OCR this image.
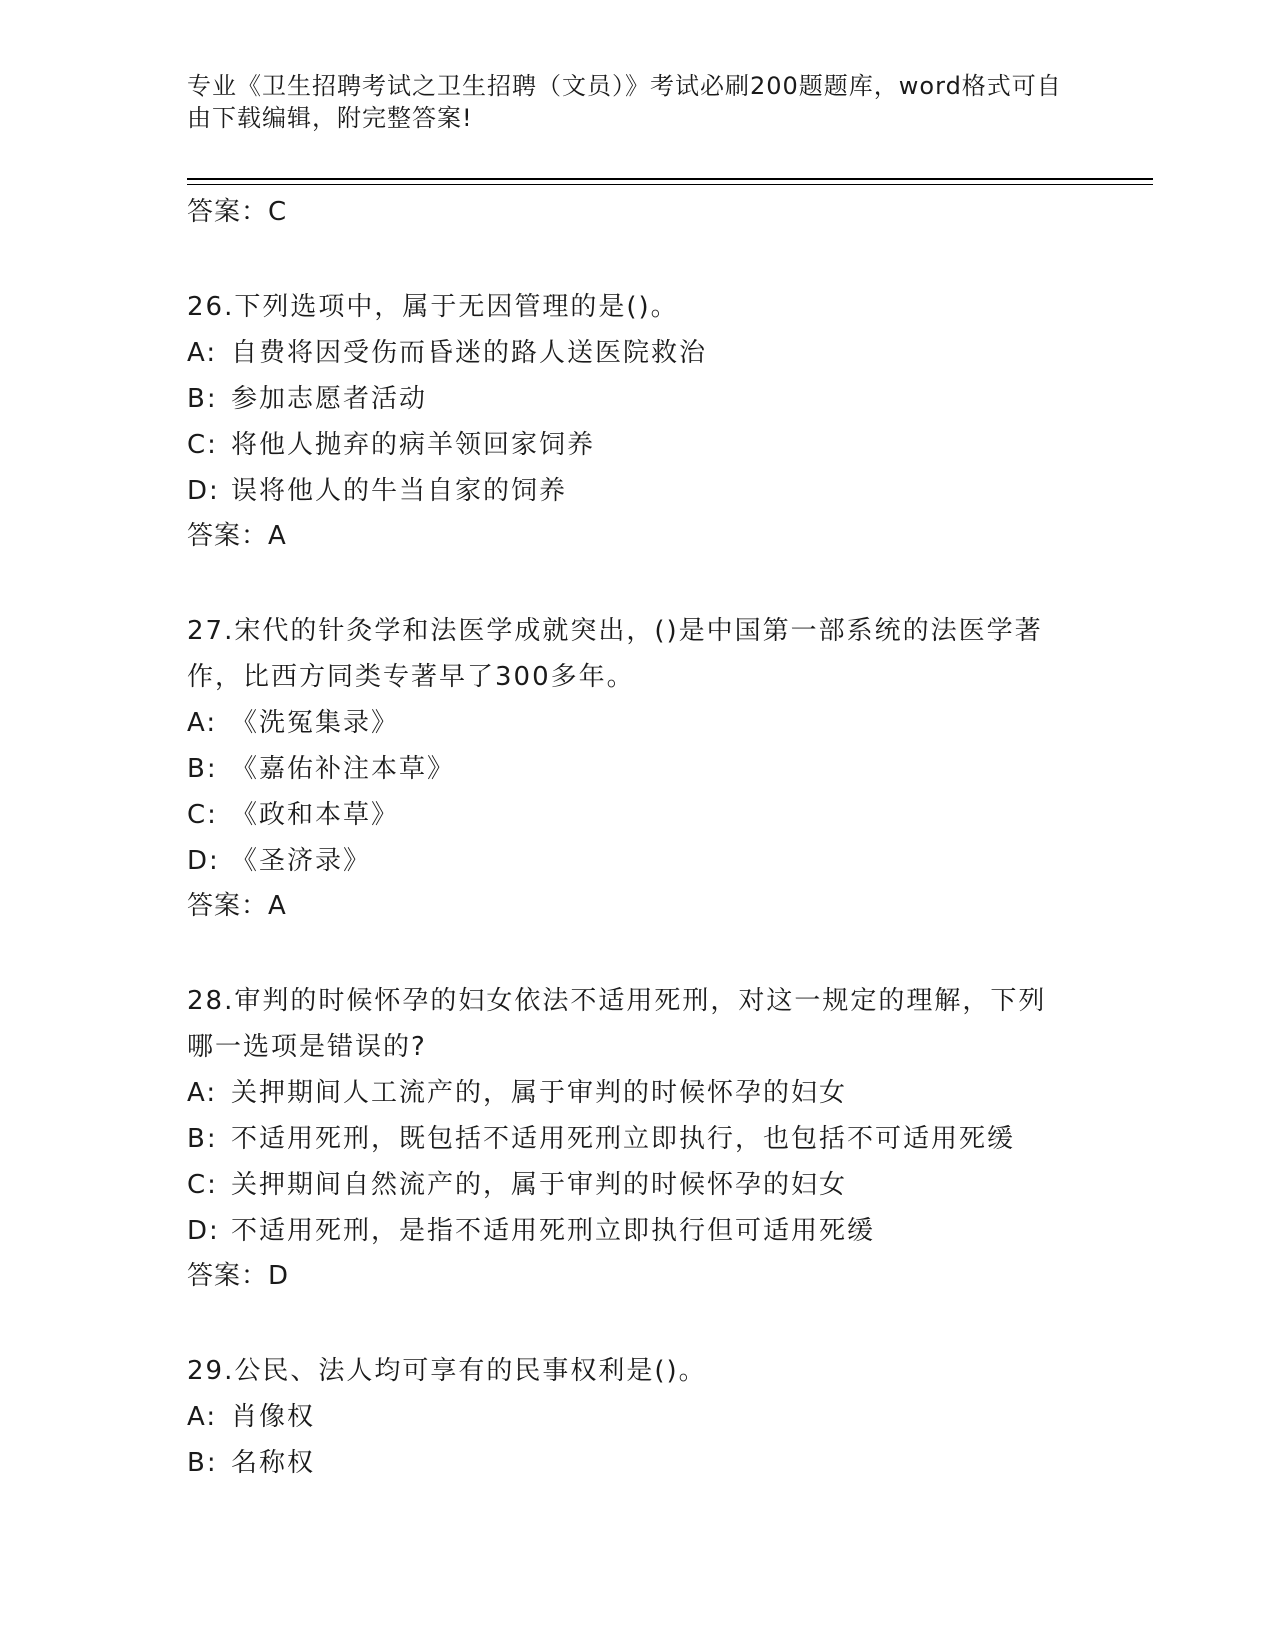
专业《卫生招聘考试之卫生招聘（文员）》考试必刷200题题库，word格式可自
由下载编辑，附完整答案!
答案：C
26.下列选项中，属于无因管理的是()。
A: 自费将因受伤而昏迷的路人送医院救治
B: 参加志愿者活动
C: 将他人抛弃的病羊领回家饲养
D: 误将他人的牛当自家的饲养
答案：A
27.宋代的针灸学和法医学成就突出，()是中国第一部系统的法医学著
作，比西方同类专著早了300多年。
A: 《洗冤集录》
B: 《嘉佑补注本草》
C: 《政和本草》
D: 《圣济录》
答案：A
28.审判的时候怀孕的妇女依法不适用死刑，对这一规定的理解，下列
哪一选项是错误的?
A: 关押期间人工流产的，属于审判的时候怀孕的妇女
B: 不适用死刑，既包括不适用死刑立即执行，也包括不可适用死缓
C: 关押期间自然流产的，属于审判的时候怀孕的妇女
D: 不适用死刑，是指不适用死刑立即执行但可适用死缓
答案：D
29.公民、法人均可享有的民事权利是()。
A: 肖像权
B: 名称权
